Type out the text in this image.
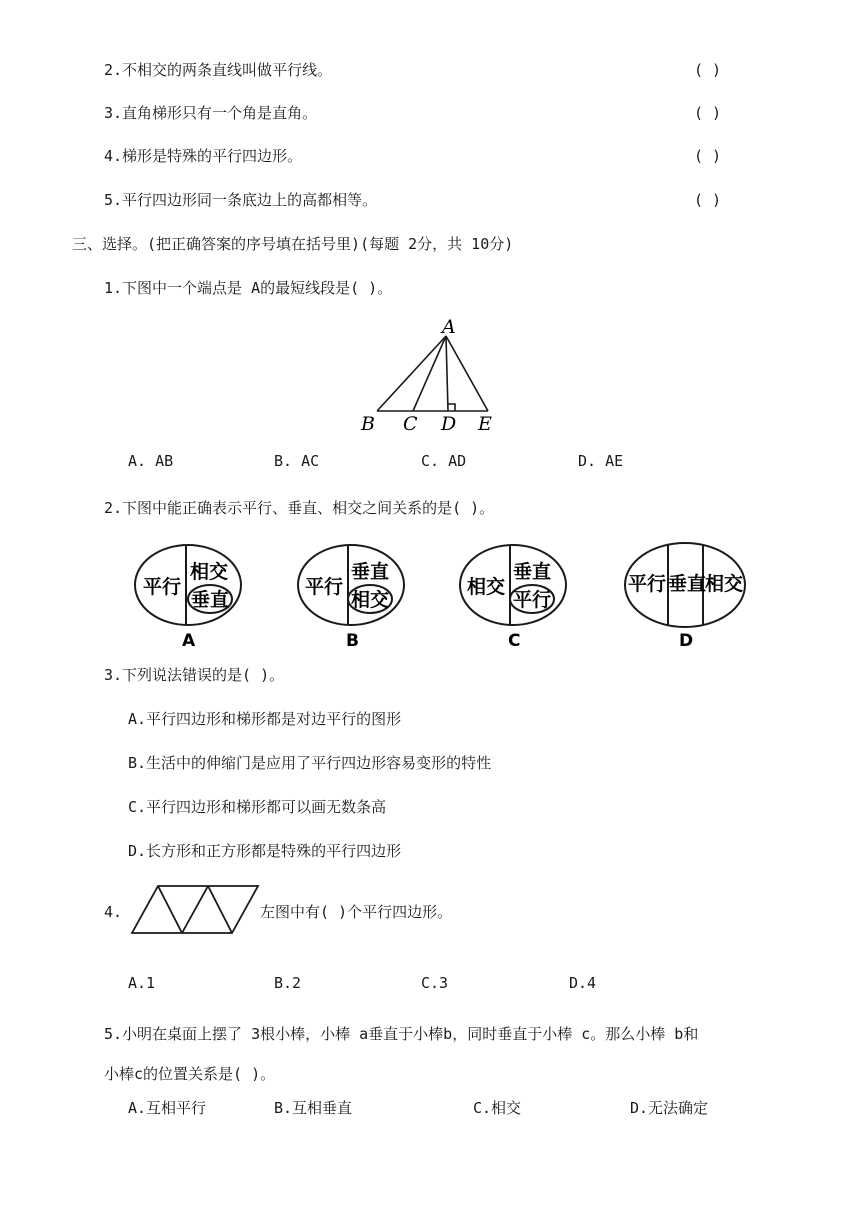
2.不相交的两条直线叫做平行线。	( )
3.直角梯形只有一个角是直角。	( )
4.梯形是特殊的平行四边形。	( )
5.平行四边形同一条底边上的高都相等。	( )
三、选择。(把正确答案的序号填在括号里)(每题 2分，共 10分)
1.下图中一个端点是 A的最短线段是( )。
A
B C D E
A. AB	B. AC	C. AD	D. AE
2.下图中能正确表示平行、垂直、相交之间关系的是( )。
平行
相交
垂直
A
平行
垂直
相交
B
相交
垂直
平行
C
平行 垂直
相交
D
3.下列说法错误的是( )。
A.平行四边形和梯形都是对边平行的图形
B.生活中的伸缩门是应用了平行四边形容易变形的特性
C.平行四边形和梯形都可以画无数条高
D.长方形和正方形都是特殊的平行四边形
4.	左图中有( )个平行四边形。
A.1	B.2	C.3	D.4
5.小明在桌面上摆了 3根小棒，小棒 a垂直于小棒b，同时垂直于小棒 c。那么小棒 b和
小棒c的位置关系是( )。
A.互相平行	B.互相垂直	C.相交	D.无法确定
